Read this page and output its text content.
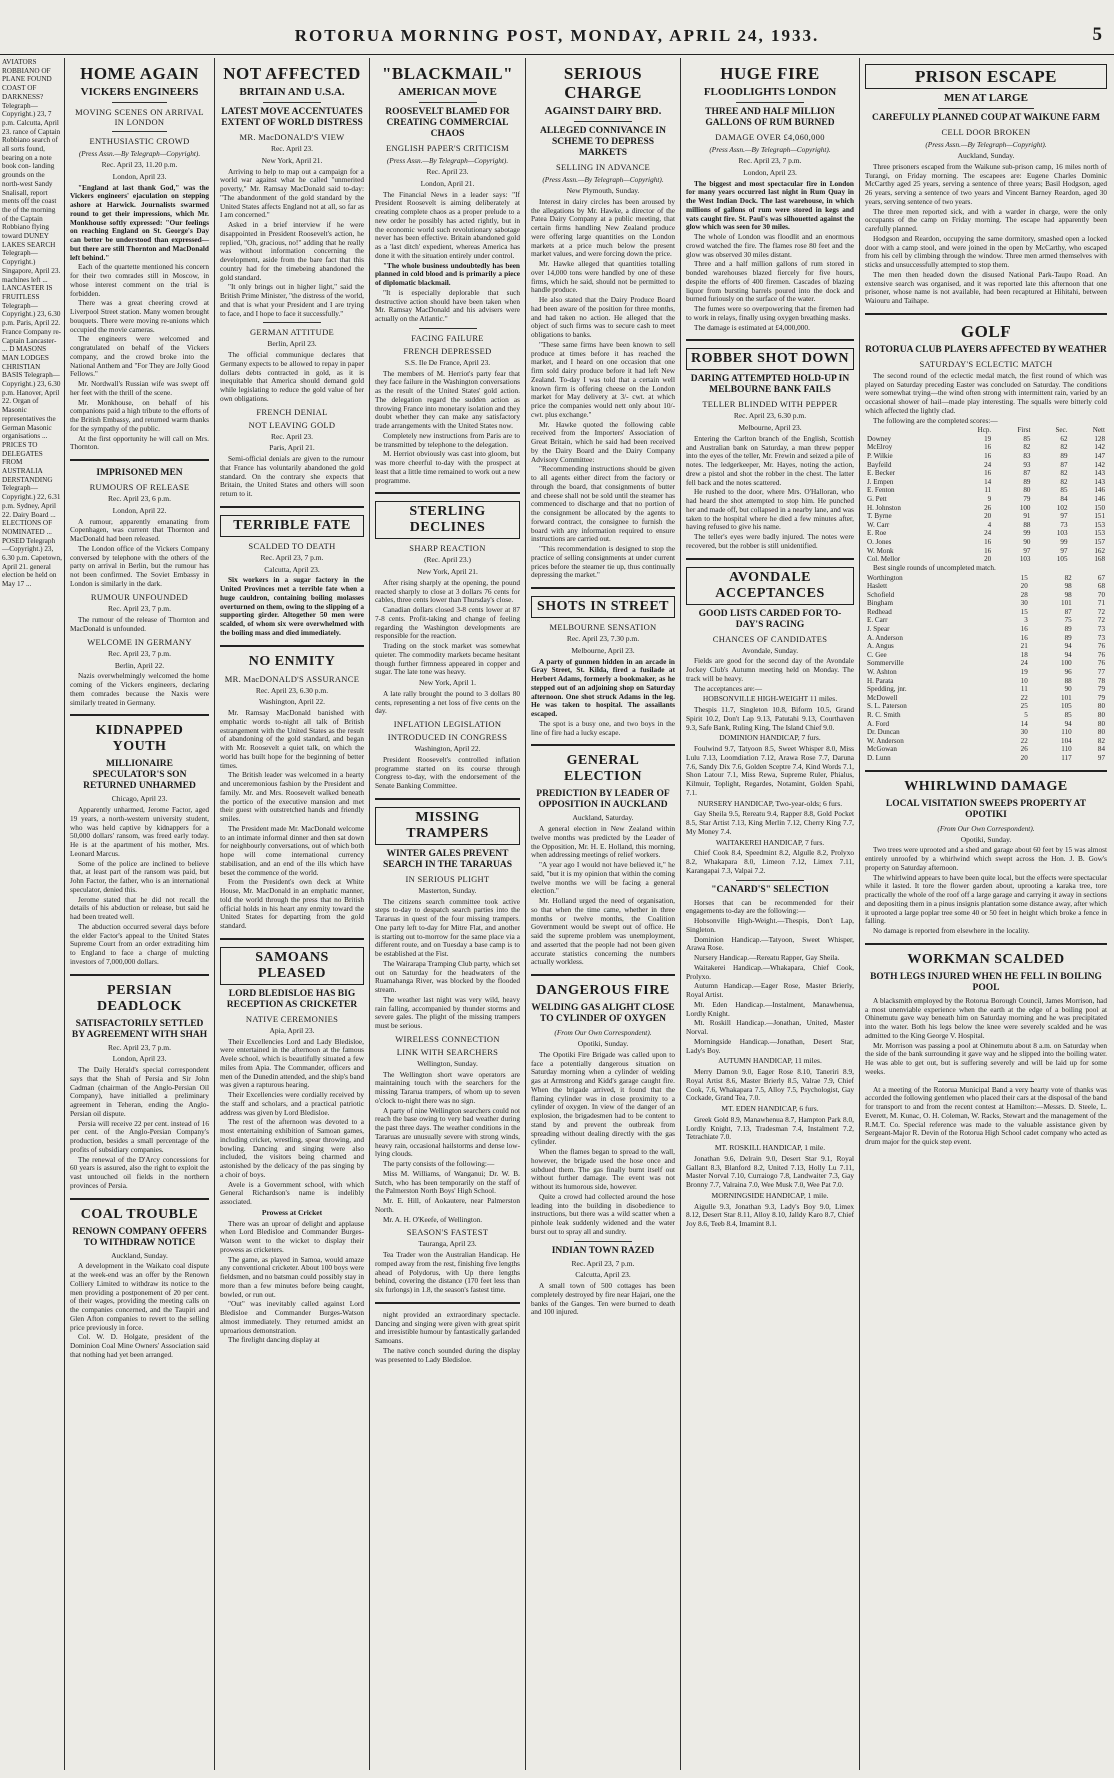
ROTORUA MORNING POST, MONDAY, APRIL 24, 1933.	5
AVIATORS ROBBIANO OF PLANE FOUND COAST OF DARKNESS? Telegraph—Copyright.) 23, 7 p.m. Calcutta, April 23. rance of Captain Robbiano search of all sorts found, bearing on a note book con- landing grounds on the north-west Sandy Snalisall, report ments off the coast the of the morning of the Captain Robbiano flying toward DUNEY LAKES SEARCH Telegraph—Copyright.) Singapore, April 23. machines left ... LANCASTER IS FRUITLESS Telegraph—Copyright.) 23, 6.30 p.m. Paris, April 22. France Company re- Captain Lancaster- ... D MASONS MAN LODGES CHRISTIAN BASIS Telegraph—Copyright.) 23, 6.30 p.m. Hanover, April 22. Organ of Masonic representatives the German Masonic organisations ... PRICES TO DELEGATES FROM AUSTRALIA DERSTANDING Telegraph—Copyright.) 22, 6.31 p.m. Sydney, April 22. Dairy Board ... ELECTIONS OF NOMINATED ... POSED Telegraph—Copyright.) 23, 6.30 p.m. Capetown, April 21. general election be held on May 17 ...
HOME AGAIN
VICKERS ENGINEERS
MOVING SCENES ON ARRIVAL IN LONDON
ENTHUSIASTIC CROWD
(Press Assn.—By Telegraph—Copyright).
Rec. April 23, 11.20 p.m.
London, April 23.
"England at last thank God," was the Vickers engineers' ejaculation on stepping ashore at Harwick. Journalists swarmed round to get their impressions, which Mr. Monkhouse softly expressed: "Our feelings on reaching England on St. George's Day can better be understood than expressed—but there are still Thornton and MacDonald left behind."
Each of the quartette mentioned his concern for their two comrades still in Moscow, in whose interest comment on the trial is forbidden.
There was a great cheering crowd at Liverpool Street station. Many women brought bouquets. There were moving re-unions which occupied the movie cameras.
The engineers were welcomed and congratulated on behalf of the Vickers company, and the crowd broke into the National Anthem and "For They are Jolly Good Fellows."
Mr. Nordwall's Russian wife was swept off her feet with the thrill of the scene.
Mr. Monkhouse, on behalf of his companions paid a high tribute to the efforts of the British Embassy, and returned warm thanks for the sympathy of the public.
At the first opportunity he will call on Mrs. Thornton.
IMPRISONED MEN
RUMOURS OF RELEASE
Rec. April 23, 6 p.m.
London, April 22.
A rumour, apparently emanating from Copenhagen, was current that Thornton and MacDonald had been released.
The London office of the Vickers Company conversed by telephone with the others of the party on arrival in Berlin, but the rumour has not been confirmed. The Soviet Embassy in London is similarly in the dark.
RUMOUR UNFOUNDED
Rec. April 23, 7 p.m.
The rumour of the release of Thornton and MacDonald is unfounded.
WELCOME IN GERMANY
Rec. April 23, 7 p.m.
Berlin, April 22.
Nazis overwhelmingly welcomed the home coming of the Vickers engineers, declaring them comrades because the Naxis were similarly treated in Germany.
KIDNAPPED YOUTH
MILLIONAIRE SPECULATOR'S SON RETURNED UNHARMED
Chicago, April 23.
Apparently unharmed, Jerome Factor, aged 19 years, a north-western university student, who was held captive by kidnappers for a 50,000 dollars' ransom, was freed early today. He is at the apartment of his mother, Mrs. Leonard Marcus.
Some of the police are inclined to believe that, at least part of the ransom was paid, but John Factor, the father, who is an international speculator, denied this.
Jerome stated that he did not recall the details of his abduction or release, but said he had been treated well.
The abduction occurred several days before the elder Factor's appeal to the United States Supreme Court from an order extraditing him to England to face a charge of mulcting investors of 7,000,000 dollars.
PERSIAN DEADLOCK
SATISFACTORILY SETTLED BY AGREEMENT WITH SHAH
Rec. April 23, 7 p.m.
London, April 23.
The Daily Herald's special correspondent says that the Shah of Persia and Sir John Cadman (chairman of the Anglo-Persian Oil Company), have initialled a preliminary agreement in Teheran, ending the Anglo-Persian oil dispute.
Persia will receive 22 per cent. instead of 16 per cent. of the Anglo-Persian Company's production, besides a small percentage of the profits of subsidiary companies.
The renewal of the D'Arcy concessions for 60 years is assured, also the right to exploit the vast untouched oil fields in the northern provinces of Persia.
COAL TROUBLE
RENOWN COMPANY OFFERS TO WITHDRAW NOTICE
Auckland, Sunday.
A development in the Waikato coal dispute at the week-end was an offer by the Renown Colliery Limited to withdraw its notice to the men providing a postponement of 20 per cent. of their wages, providing the meeting calls on the companies concerned, and the Taupiri and Glen Afton companies to revert to the selling price previously in force.
Col. W. D. Holgate, president of the Dominion Coal Mine Owners' Association said that nothing had yet been arranged.
NOT AFFECTED
BRITAIN AND U.S.A.
LATEST MOVE ACCENTUATES EXTENT OF WORLD DISTRESS
MR. MacDONALD'S VIEW
Rec. April 23.
New York, April 21.
Arriving to help to map out a campaign for a world war against what he called "unmerited poverty," Mr. Ramsay MacDonald said to-day: "The abandonment of the gold standard by the United States affects England not at all, so far as I am concerned."
Asked in a brief interview if he were disappointed in President Roosevelt's action, he replied, "Oh, gracious, no!" adding that he really was without information concerning the development, aside from the bare fact that this country had for the timebeing abandoned the gold standard.
"It only brings out in higher light," said the British Prime Minister, "the distress of the world, and that is what your President and I are trying to face, and I hope to face it successfully."
GERMAN ATTITUDE
Berlin, April 23.
The official communique declares that Germany expects to be allowed to repay in paper dollars debts contracted in gold, as it is inequitable that America should demand gold while legislating to reduce the gold value of her own obligations.
FRENCH DENIAL
NOT LEAVING GOLD
Rec. April 23.
Paris, April 21.
Semi-official denials are given to the rumour that France has voluntarily abandoned the gold standard. On the contrary she expects that Britain, the United States and others will soon return to it.
TERRIBLE FATE
SCALDED TO DEATH
Rec. April 23, 7 p.m.
Calcutta, April 23.
Six workers in a sugar factory in the United Provinces met a terrible fate when a huge cauldron, containing boiling molasses overturned on them, owing to the slipping of a supporting girder. Altogether 50 men were scalded, of whom six were overwhelmed with the boiling mass and died immediately.
NO ENMITY
MR. MacDONALD'S ASSURANCE
Rec. April 23, 6.30 p.m.
Washington, April 22.
Mr. Ramsay MacDonald banished with emphatic words to-night all talk of British estrangement with the United States as the result of abandoning of the gold standard, and began with Mr. Roosevelt a quiet talk, on which the world has built hope for the beginning of better times.
The British leader was welcomed in a hearty and unceremonious fashion by the President and family. Mr. and Mrs. Roosevelt walked beneath the portico of the executive mansion and met their guest with outstretched hands and friendly smiles.
The President made Mr. MacDonald welcome to an intimate informal dinner and then sat down for neighbourly conversations, out of which both hope will come international currency stabilisation, and an end of the ills which have beset the commence of the world.
From the President's own deck at White House, Mr. MacDonald in an emphatic manner, told the world through the press that no British official holds in his heart any enmity toward the United States for departing from the gold standard.
SAMOANS PLEASED
LORD BLEDISLOE HAS BIG RECEPTION AS CRICKETER
NATIVE CEREMONIES
Apia, April 23.
Their Excellencies Lord and Lady Bledisloe, were entertained in the afternoon at the famous Avele school, which is beautifully situated a few miles from Apia. The Commander, officers and men of the Dunedin attended, and the ship's band was given a rapturous hearing.
Their Excellencies were cordially received by the staff and scholars, and a practical patriotic address was given by Lord Bledisloe.
The rest of the afternoon was devoted to a most entertaining exhibition of Samoan games, including cricket, wrestling, spear throwing, and bowling. Dancing and singing were also included, the visitors being charmed and astonished by the delicacy of the pas singing by a choir of boys.
Avele is a Government school, with which General Richardson's name is indelibly associated.
Prowess at Cricket
There was an uproar of delight and applause when Lord Bledisloe and Commander Burges-Watson went to the wicket to display their prowess as cricketers.
The game, as played in Samoa, would amaze any conventional cricketer. About 100 boys were fieldsmen, and no batsman could possibly stay in more than a few minutes before being caught, bowled, or run out.
"Out" was inevitably called against Lord Bledisloe and Commander Burges-Watson almost immediately. They returned amidst an uproarious demonstration.
The firelight dancing display at
"BLACKMAIL"
AMERICAN MOVE
ROOSEVELT BLAMED FOR CREATING COMMERCIAL CHAOS
ENGLISH PAPER'S CRITICISM
(Press Assn.—By Telegraph—Copyright).
Rec. April 23.
London, April 21.
The Financial News in a leader says: "If President Roosevelt is aiming deliberately at creating complete chaos as a proper prelude to a new order he possibly has acted rightly, but in the economic world such revolutionary sabotage never has been effective. Britain abandoned gold as a 'last ditch' expedient, whereas America has done it with the situation entirely under control.
"The whole business undoubtedly has been planned in cold blood and is primarily a piece of diplomatic blackmail.
"It is especially deplorable that such destructive action should have been taken when Mr. Ramsay MacDonald and his advisers were actually on the Atlantic."
FACING FAILURE
FRENCH DEPRESSED
S.S. Ile De France, April 23.
The members of M. Herriot's party fear that they face failure in the Washington conversations as the result of the United States' gold action. The delegation regard the sudden action as throwing France into monetary isolation and they doubt whether they can make any satisfactory trade arrangements with the United States now.
Completely new instructions from Paris are to be transmitted by telephone to the delegation.
M. Herriot obviously was cast into gloom, but was more cheerful to-day with the prospect at least that a little time remained to work out a new programme.
STERLING DECLINES
SHARP REACTION
(Rec. April 23.)
New York, April 21.
After rising sharply at the opening, the pound reacted sharply to close at 3 dollars 76 cents for cables, three cents lower than Thursday's close.
Canadian dollars closed 3-8 cents lower at 87 7-8 cents. Profit-taking and change of feeling regarding the Washington developments are responsible for the reaction.
Trading on the stock market was somewhat quieter. The commodity markets became hesitant though further firmness appeared in copper and sugar. The late tone was heavy.
New York, April 1.
A late rally brought the pound to 3 dollars 80 cents, representing a net loss of five cents on the day.
INFLATION LEGISLATION
INTRODUCED IN CONGRESS
Washington, April 22.
President Roosevelt's controlled inflation programme started on its course through Congress to-day, with the endorsement of the Senate Banking Committee.
MISSING TRAMPERS
WINTER GALES PREVENT SEARCH IN THE TARARUAS
IN SERIOUS PLIGHT
Masterton, Sunday.
The citizens search committee took active steps to-day to despatch search parties into the Tararuas in quest of the four missing trampers. One party left to-day for Mitre Flat, and another is starting out to-morrow for the same place via a different route, and on Tuesday a base camp is to be established at the Fist.
The Wairarapa Tramping Club party, which set out on Saturday for the headwaters of the Ruamahanga River, was blocked by the flooded stream.
The weather last night was very wild, heavy rain falling, accompanied by thunder storms and severe gales. The plight of the missing trampers must be serious.
WIRELESS CONNECTION
LINK WITH SEARCHERS
Wellington, Sunday.
The Wellington short wave operators are maintaining touch with the searchers for the missing Tararua trampers, of whom up to seven o'clock to-night there was no sign.
A party of nine Wellington searchers could not reach the base owing to very bad weather during the past three days. The weather conditions in the Tararuas are unusually severe with strong winds, heavy rain, occasional hailstorms and dense low-lying clouds.
The party consists of the following:—
Miss M. Williams, of Wanganui; Dr. W. B. Sutch, who has been temporarily on the staff of the Palmerston North Boys' High School.
Mr. E. Hill, of Aokautere, near Palmerston North.
Mr. A. H. O'Keefe, of Wellington.
SEASON'S FASTEST
Tauranga, April 23.
Tea Trader won the Australian Handicap. He romped away from the rest, finishing five lengths ahead of Polydorus, with Up there lengths behind, covering the distance (170 feet less than six furlongs) in 1.8, the season's fastest time.
night provided an extraordinary spectacle. Dancing and singing were given with great spirit and irresistible humour by fantastically garlanded Samoans.
The native conch sounded during the display was presented to Lady Bledisloe.
SERIOUS CHARGE
AGAINST DAIRY BRD.
ALLEGED CONNIVANCE IN SCHEME TO DEPRESS MARKETS
SELLING IN ADVANCE
(Press Assn.—By Telegraph—Copyright).
New Plymouth, Sunday.
Interest in dairy circles has been aroused by the allegations by Mr. Hawke, a director of the Patea Dairy Company at a public meeting, that certain firms handling New Zealand produce were offering large quantities on the London markets at a price much below the present market values, and were forcing down the price.
Mr. Hawke alleged that quantities totalling over 14,000 tons were handled by one of these firms, which he said, should not be permitted to handle produce.
He also stated that the Dairy Produce Board had been aware of the position for three months, and had taken no action. He alleged that the object of such firms was to secure cash to meet obligations to banks.
"These same firms have been known to sell produce at times before it has reached the market, and I heard on one occasion that one firm sold dairy produce before it had left New Zealand. To-day I was told that a certain well known firm is offering cheese on the London market for May delivery at 3/- cwt. at which price the companies would nett only about 10/- cwt. plus exchange."
Mr. Hawke quoted the following cable received from the Importers' Association of Great Britain, which he said had been received by the Dairy Board and the Dairy Company Advisory Committee:
"Recommending instructions should be given to all agents either direct from the factory or through the board, that consignments of butter and cheese shall not be sold until the steamer has commenced to discharge and that no portion of the consignment be allocated by the agents to forward contract, the consignee to furnish the board with any information required to ensure instructions are carried out.
"This recommendation is designed to stop the practice of selling consignments at under current prices before the steamer tie up, thus continually depressing the market."
SHOTS IN STREET
MELBOURNE SENSATION
Rec. April 23, 7.30 p.m.
Melbourne, April 23.
A party of gunmen hidden in an arcade in Gray Street, St. Kilda, fired a fusilade at Herbert Adams, formerly a bookmaker, as he stepped out of an adjoining shop on Saturday afternoon. One shot struck Adams in the leg. He was taken to hospital. The assailants escaped.
The spot is a busy one, and two boys in the line of fire had a lucky escape.
GENERAL ELECTION
PREDICTION BY LEADER OF OPPOSITION IN AUCKLAND
Auckland, Saturday.
A general election in New Zealand within twelve months was predicted by the Leader of the Opposition, Mr. H. E. Holland, this morning, when addressing meetings of relief workers.
"A year ago I would not have believed it," he said, "but it is my opinion that within the coming twelve months we will be facing a general election."
Mr. Holland urged the need of organisation, so that when the time came, whether in three months or twelve months, the Coalition Government would be swept out of office. He said the supreme problem was unemployment, and asserted that the people had not been given accurate statistics concerning the numbers actually workless.
DANGEROUS FIRE
WELDING GAS ALIGHT CLOSE TO CYLINDER OF OXYGEN
(From Our Own Correspondent).
Opotiki, Sunday.
The Opotiki Fire Brigade was called upon to face a potentially dangerous situation on Saturday morning when a cylinder of welding gas at Armstrong and Kidd's garage caught fire. When the brigade arrived, it found that the flaming cylinder was in close proximity to a cylinder of oxygen. In view of the danger of an explosion, the brigadesmen had to be content to stand by and prevent the outbreak from spreading without dealing directly with the gas cylinder.
When the flames began to spread to the wall, however, the brigade used the hose once and subdued them. The gas finally burnt itself out without further damage. The event was not without its humorous side, however.
Quite a crowd had collected around the hose leading into the building in disobedience to instructions, but there was a wild scatter when a pinhole leak suddenly widened and the water burst out to spray all and sundry.
INDIAN TOWN RAZED
Rec. April 23, 7 p.m.
Calcutta, April 23.
A small town of 500 cottages has been completely destroyed by fire near Hajari, one the banks of the Ganges. Ten were burned to death and 100 injured.
HUGE FIRE
FLOODLIGHTS LONDON
THREE AND HALF MILLION GALLONS OF RUM BURNED
DAMAGE OVER £4,060,000
(Press Assn.—By Telegraph—Copyright).
Rec. April 23, 7 p.m.
London, April 23.
The biggest and most spectacular fire in London for many years occurred last night in Rum Quay in the West Indian Dock. The last warehouse, in which millions of gallons of rum were stored in kegs and vats caught fire. St. Paul's was silhouetted against the glow which was seen for 30 miles.
The whole of London was floodlit and an enormous crowd watched the fire. The flames rose 80 feet and the glow was observed 30 miles distant.
Three and a half million gallons of rum stored in bonded warehouses blazed fiercely for five hours, despite the efforts of 400 firemen. Cascades of blazing liquor from bursting barrels poured into the dock and burned furiously on the surface of the water.
The fumes were so overpowering that the firemen had to work in relays, finally using oxygen breathing masks.
The damage is estimated at £4,000,000.
ROBBER SHOT DOWN
DARING ATTEMPTED HOLD-UP IN MELBOURNE BANK FAILS
TELLER BLINDED WITH PEPPER
Rec. April 23, 6.30 p.m.
Melbourne, April 23.
Entering the Carlton branch of the English, Scottish and Australian bank on Saturday, a man threw pepper into the eyes of the teller, Mr. Frewin and seized a pile of notes. The ledgerkeeper, Mr. Hayes, noting the action, drew a pistol and shot the robber in the chest. The latter fell back and the notes scattered.
He rushed to the door, where Mrs. O'Halloran, who had heard the shot attempted to stop him. He punched her and made off, but collapsed in a nearby lane, and was taken to the hospital where he died a few minutes after, having refused to give his name.
The teller's eyes were badly injured. The notes were recovered, but the robber is still unidentified.
AVONDALE ACCEPTANCES
GOOD LISTS CARDED FOR TO-DAY'S RACING
CHANCES OF CANDIDATES
Avondale, Sunday.
Fields are good for the second day of the Avondale Jockey Club's Autumn meeting held on Monday. The track will be heavy.
The acceptances are:—
HOBSONVILLE HIGH-WEIGHT 11 miles.
Thespis 11.7, Singleton 10.8, Biform 10.5, Grand Spirit 10.2, Don't Lap 9.13, Patutahi 9.13, Courthaven 9.3, Safe Bank, Ruling King, The Island Chief 9.0.
DOMINION HANDICAP, 7 furs.
Foulwind 9.7, Tatyoon 8.5, Sweet Whisper 8.0, Miss Lulu 7.13, Loomdiation 7.12, Arawa Rose 7.7, Daruna 7.6, Sandy Dix 7.6, Golden Sceptre 7.4, Kind Words 7.1, Shon Latour 7.1, Miss Rewa, Supreme Ruler, Phialus, Kilmuir, Toplight, Regardes, Notamint, Golden Spahi, 7.1.
NURSERY HANDICAP, Two-year-olds; 6 furs.
Gay Sheila 9.5, Rereatu 9.4, Rapper 8.8, Gold Pocket 8.5, Star Artist 7.13, King Merlin 7.12, Cherry King 7.7, My Money 7.4.
WAITAKEREI HANDICAP, 7 furs.
Chief Cook 8.4, Speedmint 8.2, Algulle 8.2, Prolyxo 8.2, Whakapara 8.0, Limeon 7.12, Limex 7.11, Karangapai 7.3, Valpai 7.2.
"CANARD'S" SELECTION
Horses that can be recommended for their engagements to-day are the following:—
Hobsonville High-Weight.—Thespis, Don't Lap, Singleton.
Dominion Handicap.—Tatyoon, Sweet Whisper, Arawa Rose.
Nursery Handicap.—Rereatu Rapper, Gay Sheila.
Waitakerei Handicap.—Whakapara, Chief Cook, Prolyxo.
Autumn Handicap.—Eager Rose, Master Brierly, Royal Artist.
Mt. Eden Handicap.—Instalment, Manawhenua, Lordly Knight.
Mt. Roskill Handicap.—Jonathan, United, Master Norval.
Morningside Handicap.—Jonathan, Desert Star, Lady's Boy.
AUTUMN HANDICAP, 11 miles.
Merry Damon 9.0, Eager Rose 8.10, Taneriri 8.9, Royal Artist 8.6, Master Brierly 8.5, Valrae 7.9, Chief Cook, 7.6, Whakapara 7.5, Alloy 7.5, Psychologist, Gay Cockade, Grand Tea, 7.0.
MT. EDEN HANDICAP, 6 furs.
Greek Gold 8.9, Manawhenua 8.7, Hampton Park 8.0, Lordly Knight, 7.13, Tradesman 7.4, Instalment 7.2, Tetrachiate 7.0.
MT. ROSKILL HANDICAP, 1 mile.
Jonathan 9.6, Delrain 9.0, Desert Star 9.1, Royal Gallant 8.3, Blanford 8.2, United 7.13, Holly Lu 7.11, Master Norval 7.10, Curraiogo 7.8, Landwaiter 7.3, Gay Bronny 7.7, Valraina 7.0, Wee Musk 7.0, Wee Pat 7.0.
MORNINGSIDE HANDICAP, 1 mile.
Aigulle 9.3, Jonathan 9.3, Lady's Boy 9.0, Limex 8.12, Desert Star 8.11, Alloy 8.10, Jalldy Karo 8.7, Chief Joy 8.6, Teeb 8.4, Imamint 8.1.
PRISON ESCAPE
MEN AT LARGE
CAREFULLY PLANNED COUP AT WAIKUNE FARM
CELL DOOR BROKEN
(Press Assn.—By Telegraph—Copyright).
Auckland, Sunday.
Three prisoners escaped from the Waikune sub-prison camp, 16 miles north of Turangi, on Friday morning. The escapees are: Eugene Charles Dominic McCarthy aged 25 years, serving a sentence of three years; Basil Hodgson, aged 26 years, serving a sentence of two years and Vincent Barney Reardon, aged 30 years, serving sentence of two years.
The three men reported sick, and with a warder in charge, were the only occupants of the camp on Friday morning. The escape had apparently been carefully planned.
Hodgson and Reardon, occupying the same dormitory, smashed open a locked door with a camp stool, and were joined in the open by McCarthy, who escaped from his cell by climbing through the window. Three men armed themselves with sticks and unsuccessfully attempted to stop them.
The men then headed down the disused National Park-Taupo Road. An extensive search was organised, and it was reported late this afternoon that one prisoner, whose name is not available, had been recaptured at Hihitahi, between Waiouru and Taihape.
GOLF
ROTORUA CLUB PLAYERS AFFECTED BY WEATHER
SATURDAY'S ECLECTIC MATCH
The second round of the eclectic medal match, the first round of which was played on Saturday preceding Easter was concluded on Saturday. The conditions were somewhat trying—the wind often strong with intermittent rain, varied by an occasional shower of hail—made play interesting. The squalls were bitterly cold which affected the lightly clad.
The following are the completed scores:—
	Hcp.	First	Sec.	Nett
Downey	19	85	62	128
McElroy	16	82	82	142
P. Wilkie	16	83	89	147
Bayfeild	24	93	87	142
E. Becker	16	87	82	143
J. Empen	14	89	82	143
E. Fenton	11	80	85	146
G. Pett	9	79	84	146
H. Johnston	26	100	102	150
T. Byrne	20	91	97	151
W. Carr	4	88	73	153
E. Roe	24	99	103	153
O. Jones	16	90	99	157
W. Monk	16	97	97	162
Col. Mellor	20	103	105	168
Best single rounds of uncompleted match.
Worthington	15	82	67
Haslett	20	98	68
Schofield	28	98	70
Bingham	30	101	71
Redhead	15	87	72
E. Carr	3	75	72
J. Spear	16	89	73
A. Anderson	16	89	73
A. Angus	21	94	76
C. Gee	18	94	76
Sommerville	24	100	76
W. Ashton	19	96	77
H. Parata	10	88	78
Spedding, jnr.	11	90	79
McDowell	22	101	79
S. L. Paterson	25	105	80
R. C. Smith	5	85	80
A. Ford	14	94	80
Dr. Duncan	30	110	80
W. Anderson	22	104	82
McGowan	26	110	84
D. Lunn	20	117	97
WHIRLWIND DAMAGE
LOCAL VISITATION SWEEPS PROPERTY AT OPOTIKI
(From Our Own Correspondent).
Opotiki, Sunday.
Two trees were uprooted and a shed and garage about 60 feet by 15 was almost entirely unroofed by a whirlwind which swept across the Hon. J. B. Gow's property on Saturday afternoon.
The whirlwind appears to have been quite local, but the effects were spectacular while it lasted. It tore the flower garden about, uprooting a karaka tree, tore practically the whole of the roof off a large garage and carrying it away in sections and depositing them in a pinus insignis plantation some distance away, after which it uprooted a large poplar tree some 40 or 50 feet in height which broke a fence in falling.
No damage is reported from elsewhere in the locality.
WORKMAN SCALDED
BOTH LEGS INJURED WHEN HE FELL IN BOILING POOL
A blacksmith employed by the Rotorua Borough Council, James Morrison, had a most unenviable experience when the earth at the edge of a boiling pool at Ohinemutu gave way beneath him on Saturday morning and he was precipitated into the water. Both his legs below the knee were severely scalded and he was admitted to the King George V. Hospital.
Mr. Morrison was passing a pool at Ohinemutu about 8 a.m. on Saturday when the side of the bank surrounding it gave way and he slipped into the boiling water. He was able to get out, but is suffering severely and will be laid up for some weeks.
At a meeting of the Rotorua Municipal Band a very hearty vote of thanks was accorded the following gentlemen who placed their cars at the disposal of the band for transport to and from the recent contest at Hamilton:—Messrs. D. Steele, L. Everett, M. Kunac, O. H. Coleman, W. Racks, Stewart and the management of the R.M.T. Co. Special reference was made to the valuable assistance given by Sergeant-Major R. Devin of the Rotorua High School cadet company who acted as drum major for the quick step event.
